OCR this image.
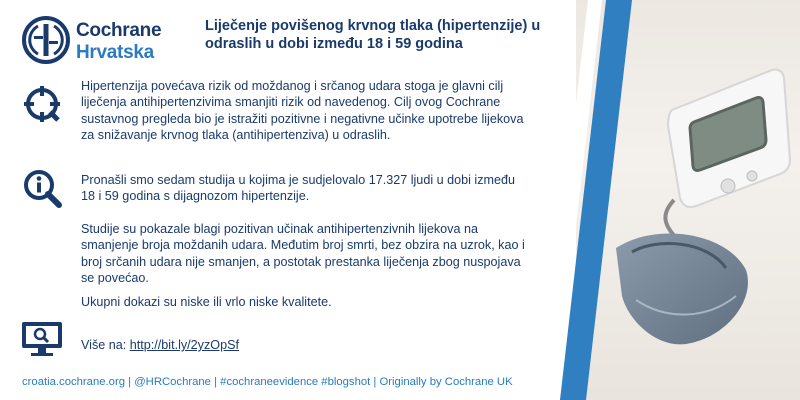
Cochrane
Hrvatska
Liječenje povišenog krvnog tlaka (hipertenzije) u odraslih u dobi između 18 i 59 godina
Hipertenzija povećava rizik od moždanog i srčanog udara stoga je glavni cilj liječenja antihipertenzivima smanjiti rizik od navedenog. Cilj ovog Cochrane sustavnog pregleda bio je istražiti pozitivne i negativne učinke upotrebe lijekova za snižavanje krvnog tlaka (antihipertenziva) u odraslih.
Pronašli smo sedam studija u kojima je sudjelovalo 17.327 ljudi u dobi između 18 i 59 godina s dijagnozom hipertenzije.
Studije su pokazale blagi pozitivan učinak antihipertenzivnih lijekova na smanjenje broja moždanih udara. Međutim broj smrti, bez obzira na uzrok, kao i broj srčanih udara nije smanjen, a postotak prestanka liječenja zbog nuspojava se povećao.
Ukupni dokazi su niske ili vrlo niske kvalitete.
Više na: http://bit.ly/2yzOpSf
croatia.cochrane.org | @HRCochrane | #cochraneevidence #blogshot | Originally by Cochrane UK
